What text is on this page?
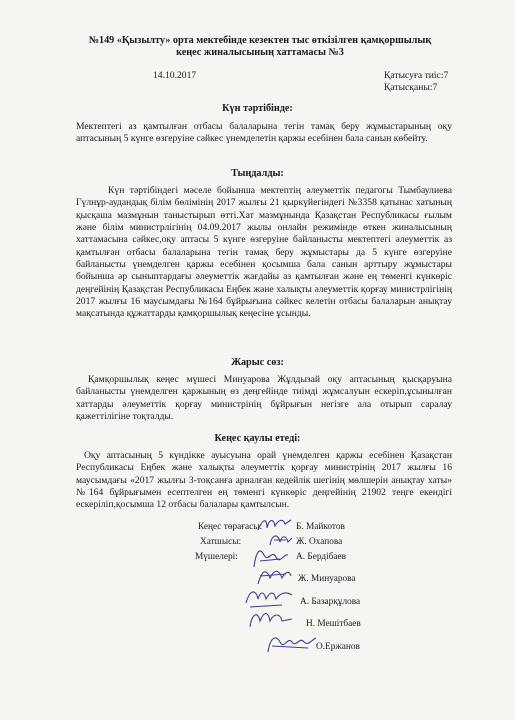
№149 «Қызылту» орта мектебінде кезектен тыс өткізілген қамқоршылық
кеңес жиналысының хаттамасы №3
14.10.2017	Қатысуға тиіс:7
Қатысқаны:7
Күн тәртібінде:
Мектептегі аз қамтылған отбасы балаларына тегін тамақ беру жұмыстарының оқу аптасының 5 күнге өзгеруіне сәйкес үнемделетін қаржы есебінен бала санын көбейту.
Тыңдалды:
Күн тәртібіндегі мәселе бойынша мектептің әлеуметтік педагогы Тымбаулиева Гүлнұр-аудандық білім бөлімінің 2017 жылғы 21 қыркүйегіндегі №3358 қатынас хатының қысқаша мазмұнын таныстырып өтті.Хат мазмұнында Қазақстан Республикасы ғылым және білім министрлігінің 04.09.2017 жылы онлайн режимінде өткен жиналысының хаттамасына сәйкес,оқу аптасы 5 күнге өзгеруіне байланысты мектептегі әлеуметтік аз қамтылған отбасы балаларына тегін тамақ беру жұмыстары да 5 күнге өзгеруіне байланысты үнемделген қаржы есебінен қосымша бала санын арттыру жұмыстары бойынша әр сыныптардағы әлеуметтік жағдайы аз қамтылған және ең төменгі күнкөріс деңгейінің Қазақстан Республикасы Еңбек және халықты әлеуметтік қорғау министрлігінің 2017 жылғы 16 маусымдағы №164 бұйрығына сәйкес келетін отбасы балаларын анықтау мақсатында құжаттарды қамқоршылық кеңесіне ұсынды.
Жарыс сөз:
Қамқоршылық кеңес мүшесі Минуарова Жұлдызай оқу аптасының қысқаруына байланысты үнемделген қаржының өз деңгейінде тиімді жұмсалуын ескеріп,ұсынылған хаттарды әлеуметтік қорғау министрінің бұйрығын негізге ала отырып саралау қажеттілігіне тоқталды.
Кеңес қаулы етеді:
Оқу аптасының 5 күндікке ауысуына орай үнемделген қаржы есебінен Қазақстан Республикасы Еңбек және халықты әлеуметтік қорғау министрінің 2017 жылғы 16 маусымдағы «2017 жылғы 3-тоқсанға арналған кедейлік шегінің мөлшерін анықтау хаты» №164 бұйрығымен есептелген ең төменгі күнкөріс деңгейінің 21902 теңге екендігі ескеріліп,қосымша 12 отбасы балалары қамтылсын.
Кеңес төрағасы:	Б. Майкотов
Хатшысы:	Ж. Охапова
Мүшелері:	А. Бердібаев
Ж. Минуарова
А. Базарқұлова
Н. Мешітбаев
О.Ержанов
